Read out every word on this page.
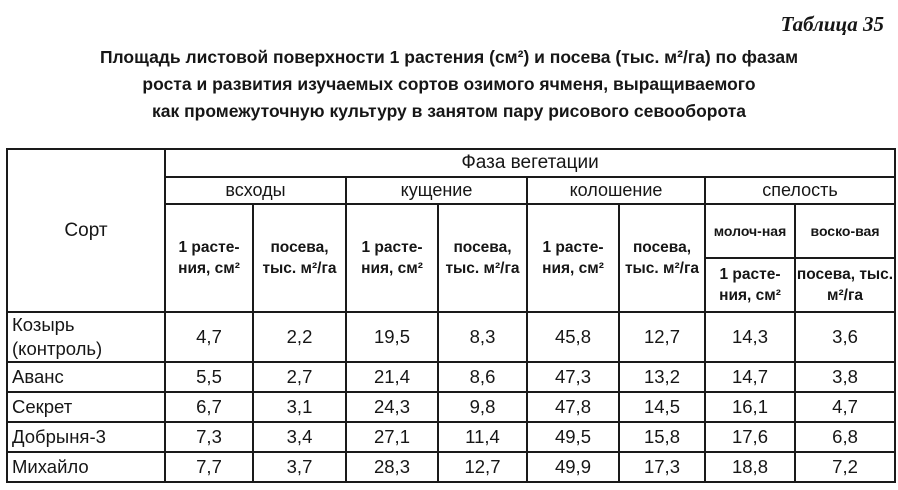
Таблица 35
Площадь листовой поверхности 1 растения (см²) и посева (тыс. м²/га) по фазам
роста и развития изучаемых сортов озимого ячменя, выращиваемого
как промежуточную культуру в занятом пару рисового севооборота
Сорт	Фаза вегетации							
	всходы		кущение		колошение		спелость	
	1 расте-ния, см²	посева, тыс. м²/га	1 расте-ния, см²	посева, тыс. м²/га	1 расте-ния, см²	посева, тыс. м²/га	молоч-ная	воско-вая
							1 расте-ния, см²	посева, тыс. м²/га
Козырь (контроль)	4,7	2,2	19,5	8,3	45,8	12,7	14,3	3,6
Аванс	5,5	2,7	21,4	8,6	47,3	13,2	14,7	3,8
Секрет	6,7	3,1	24,3	9,8	47,8	14,5	16,1	4,7
Добрыня-3	7,3	3,4	27,1	11,4	49,5	15,8	17,6	6,8
Михайло	7,7	3,7	28,3	12,7	49,9	17,3	18,8	7,2
